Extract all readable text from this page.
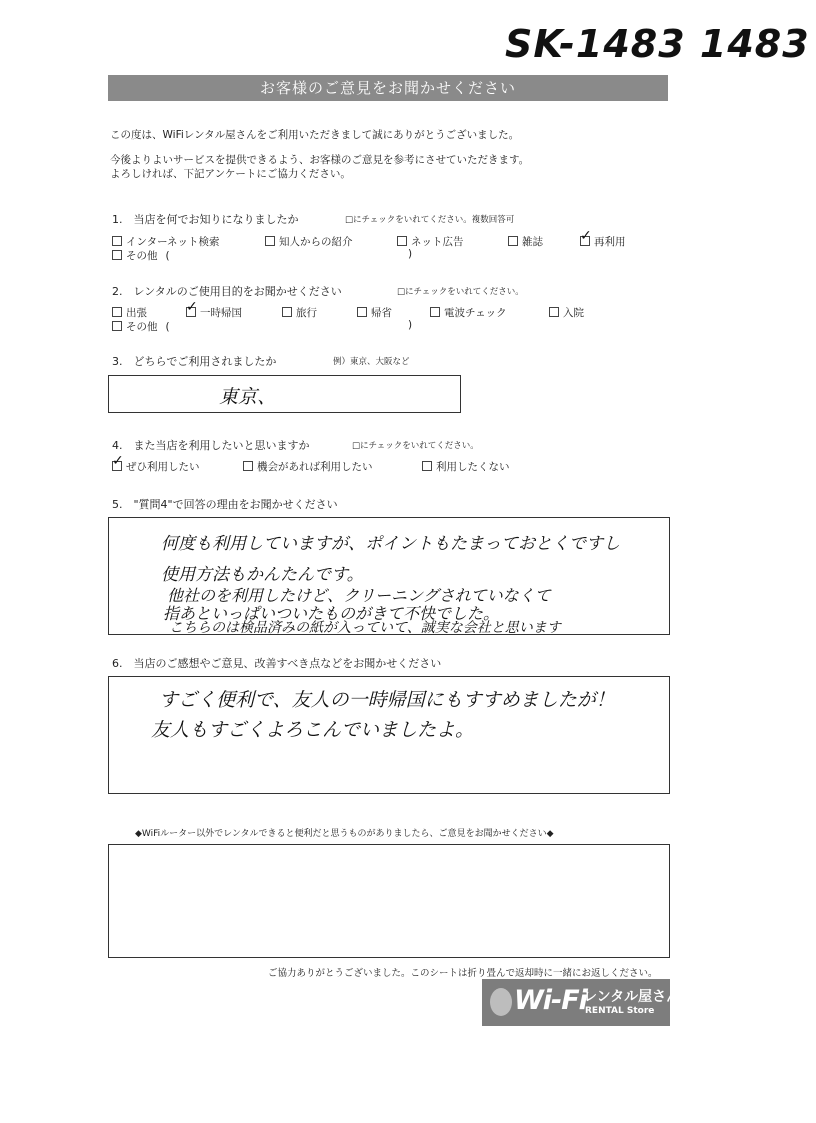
SK-1483 1483
お客様のご意見をお聞かせください
この度は、WiFiレンタル屋さんをご利用いただきまして誠にありがとうございました。
今後よりよいサービスを提供できるよう、お客様のご意見を参考にさせていただきます。
よろしければ、下記アンケートにご協力ください。
1.　当店を何でお知りになりましたか	□にチェックをいれてください。複数回答可
インターネット検索	知人からの紹介	ネット広告	雑誌	✓ 再利用
その他 (	)
2.　レンタルのご使用目的をお聞かせください	□にチェックをいれてください。
出張	✓ 一時帰国	旅行	帰省	電波チェック	入院
その他 (	)
3.　どちらでご利用されましたか	例）東京、大阪など
東京、
4.　また当店を利用したいと思いますか	□にチェックをいれてください。
✓ ぜひ利用したい	機会があれば利用したい	利用したくない
5.　"質問4"で回答の理由をお聞かせください
何度も利用していますが、ポイントもたまっておとくですし
使用方法もかんたんです。
他社のを利用したけど、クリーニングされていなくて
指あといっぱいついたものがきて不快でした。
こちらのは検品済みの紙が入っていて、誠実な会社と思います
6.　当店のご感想やご意見、改善すべき点などをお聞かせください
すごく便利で、友人の一時帰国にもすすめましたが！
友人もすごくよろこんでいましたよ。
◆WiFiルーター以外でレンタルできると便利だと思うものがありましたら、ご意見をお聞かせください◆
ご協力ありがとうございました。このシートは折り畳んで返却時に一緒にお返しください。
Wi-Fi
レンタル屋さん
RENTAL Store
